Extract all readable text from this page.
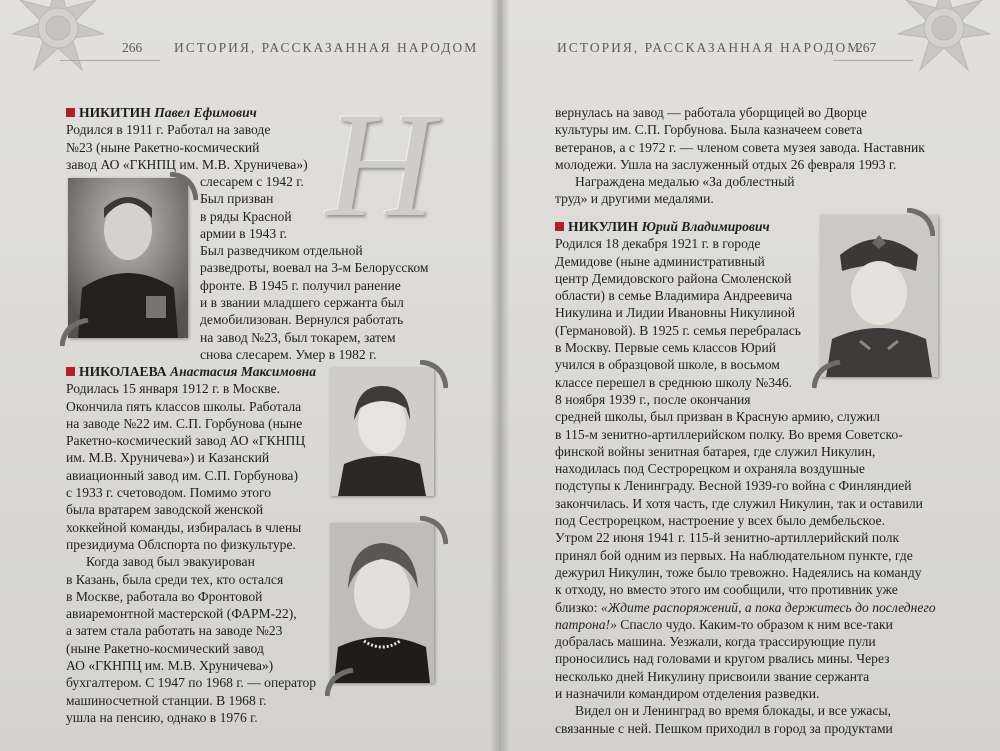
266 ИСТОРИЯ, РАССКАЗАННАЯ НАРОДОМ
Н
НИКИТИН Павел Ефимович
Родился в 1911 г. Работал на заводе
№23 (ныне Ракетно-космический
завод АО «ГКНПЦ им. М.В. Хруничева»)
слесарем с 1942 г.
Был призван
в ряды Красной
армии в 1943 г.
Был разведчиком отдельной
разведроты, воевал на 3-м Белорусском
фронте. В 1945 г. получил ранение
и в звании младшего сержанта был
демобилизован. Вернулся работать
на завод №23, был токарем, затем
снова слесарем. Умер в 1982 г.
НИКОЛАЕВА Анастасия Максимовна
Родилась 15 января 1912 г. в Москве.
Окончила пять классов школы. Работала
на заводе №22 им. С.П. Горбунова (ныне
Ракетно-космический завод АО «ГКНПЦ
им. М.В. Хруничева») и Казанский
авиационный завод им. С.П. Горбунова)
с 1933 г. счетоводом. Помимо этого
была вратарем заводской женской
хоккейной команды, избиралась в члены
президиума Облспорта по физкультуре.
Когда завод был эвакуирован
в Казань, была среди тех, кто остался
в Москве, работала во Фронтовой
авиаремонтной мастерской (ФАРМ-22),
а затем стала работать на заводе №23
(ныне Ракетно-космический завод
АО «ГКНПЦ им. М.В. Хруничева»)
бухгалтером. С 1947 по 1968 г. — оператор
машиносчетной станции. В 1968 г.
ушла на пенсию, однако в 1976 г.
ИСТОРИЯ, РАССКАЗАННАЯ НАРОДОМ
267
вернулась на завод — работала уборщицей во Дворце
культуры им. С.П. Горбунова. Была казначеем совета
ветеранов, а с 1972 г. — членом совета музея завода. Наставник
молодежи. Ушла на заслуженный отдых 26 февраля 1993 г.
Награждена медалью «За доблестный
труд» и другими медалями.
НИКУЛИН Юрий Владимирович
Родился 18 декабря 1921 г. в городе
Демидове (ныне административный
центр Демидовского района Смоленской
области) в семье Владимира Андреевича
Никулина и Лидии Ивановны Никулиной
(Германовой). В 1925 г. семья перебралась
в Москву. Первые семь классов Юрий
учился в образцовой школе, в восьмом
классе перешел в среднюю школу №346.
8 ноября 1939 г., после окончания
средней школы, был призван в Красную армию, служил
в 115-м зенитно-артиллерийском полку. Во время Советско-
финской войны зенитная батарея, где служил Никулин,
находилась под Сестрорецком и охраняла воздушные
подступы к Ленинграду. Весной 1939-го война с Финляндией
закончилась. И хотя часть, где служил Никулин, так и оставили
под Сестрорецком, настроение у всех было дембельское.
Утром 22 июня 1941 г. 115-й зенитно-артиллерийский полк
принял бой одним из первых. На наблюдательном пункте, где
дежурил Никулин, тоже было тревожно. Надеялись на команду
к отходу, но вместо этого им сообщили, что противник уже
близко: «Ждите распоряжений, а пока держитесь до последнего
патрона!» Спасло чудо. Каким-то образом к ним все-таки
добралась машина. Уезжали, когда трассирующие пули
проносились над головами и кругом рвались мины. Через
несколько дней Никулину присвоили звание сержанта
и назначили командиром отделения разведки.
Видел он и Ленинград во время блокады, и все ужасы,
связанные с ней. Пешком приходил в город за продуктами
